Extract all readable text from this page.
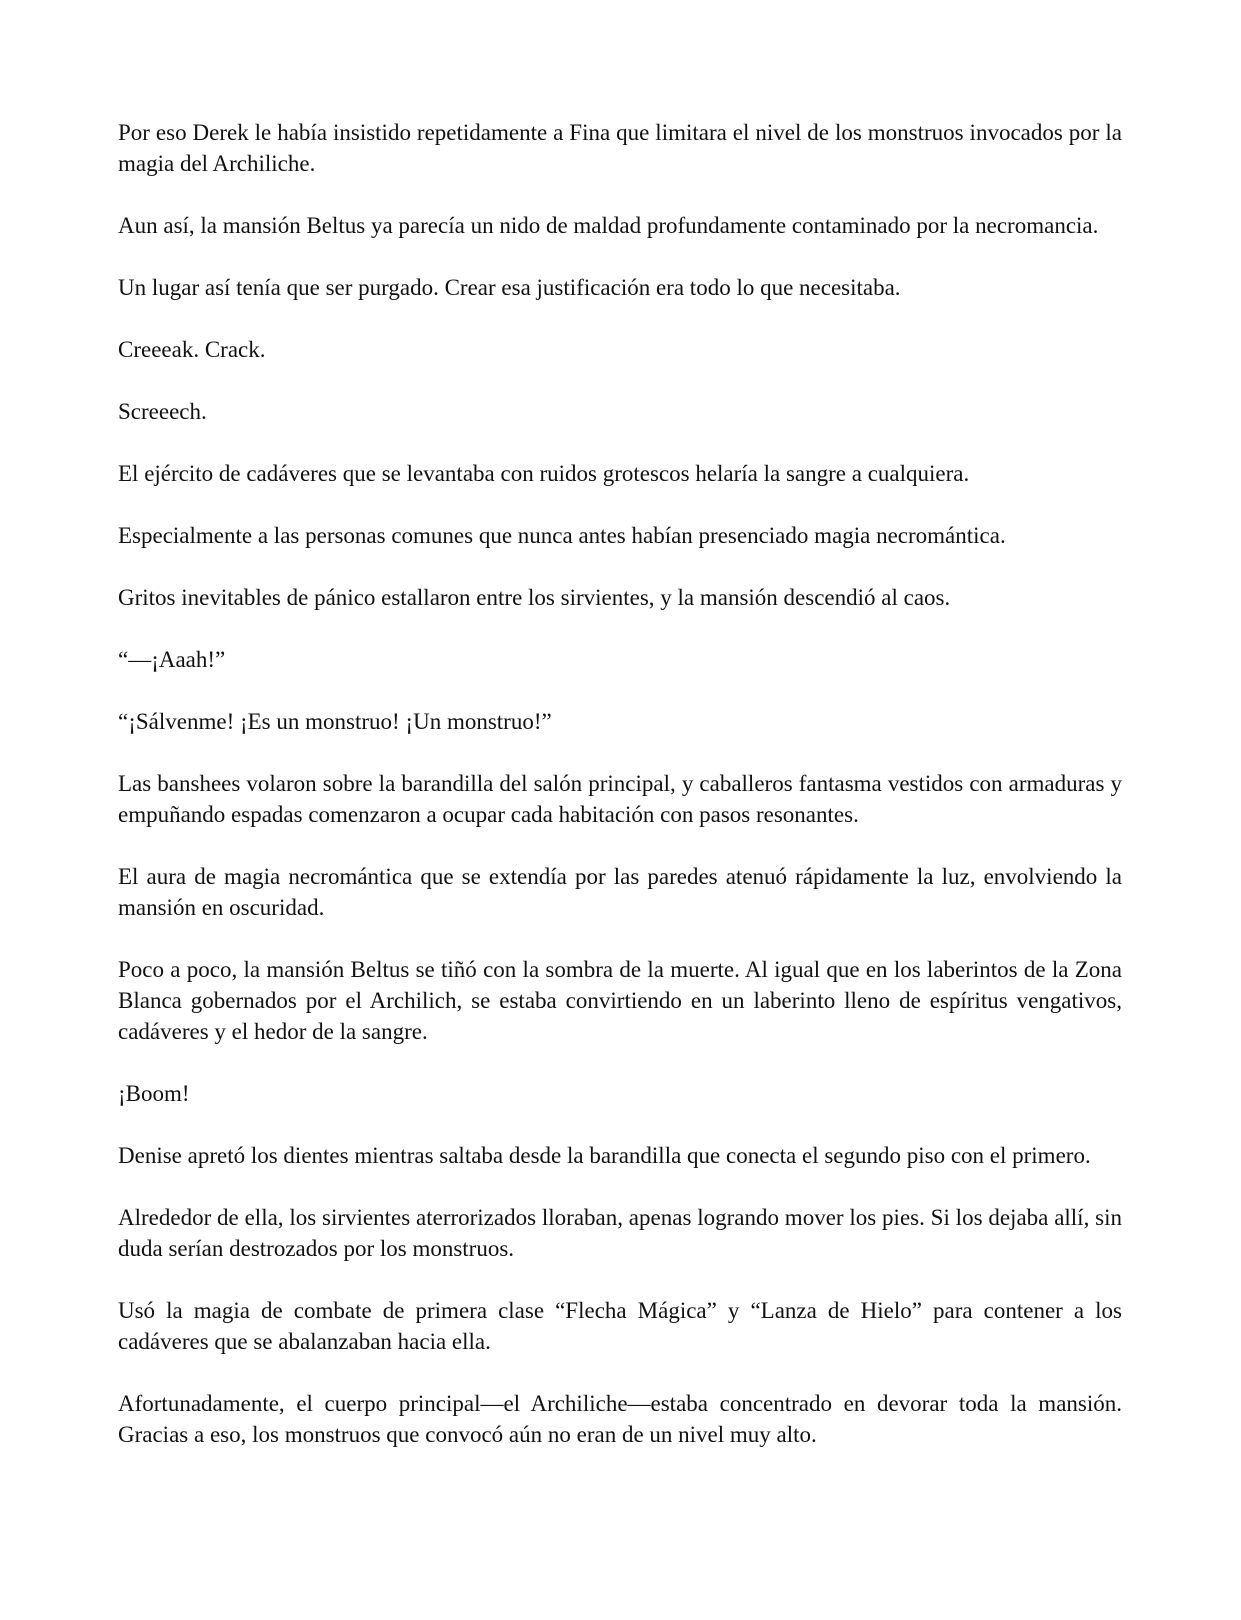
Por eso Derek le había insistido repetidamente a Fina que limitara el nivel de los monstruos invocados por la magia del Archiliche.

Aun así, la mansión Beltus ya parecía un nido de maldad profundamente contaminado por la necromancia.

Un lugar así tenía que ser purgado. Crear esa justificación era todo lo que necesitaba.

Creeeak. Crack.

Screeech.

El ejército de cadáveres que se levantaba con ruidos grotescos helaría la sangre a cualquiera.

Especialmente a las personas comunes que nunca antes habían presenciado magia necromántica.

Gritos inevitables de pánico estallaron entre los sirvientes, y la mansión descendió al caos.

“—¡Aaah!”

“¡Sálvenme! ¡Es un monstruo! ¡Un monstruo!”

Las banshees volaron sobre la barandilla del salón principal, y caballeros fantasma vestidos con armaduras y empuñando espadas comenzaron a ocupar cada habitación con pasos resonantes.

El aura de magia necromántica que se extendía por las paredes atenuó rápidamente la luz, envolviendo la mansión en oscuridad.

Poco a poco, la mansión Beltus se tiñó con la sombra de la muerte. Al igual que en los laberintos de la Zona Blanca gobernados por el Archilich, se estaba convirtiendo en un laberinto lleno de espíritus vengativos, cadáveres y el hedor de la sangre.

¡Boom!

Denise apretó los dientes mientras saltaba desde la barandilla que conecta el segundo piso con el primero.

Alrededor de ella, los sirvientes aterrorizados lloraban, apenas logrando mover los pies. Si los dejaba allí, sin duda serían destrozados por los monstruos.

Usó la magia de combate de primera clase “Flecha Mágica” y “Lanza de Hielo” para contener a los cadáveres que se abalanzaban hacia ella.

Afortunadamente, el cuerpo principal—el Archiliche—estaba concentrado en devorar toda la mansión. Gracias a eso, los monstruos que convocó aún no eran de un nivel muy alto.
